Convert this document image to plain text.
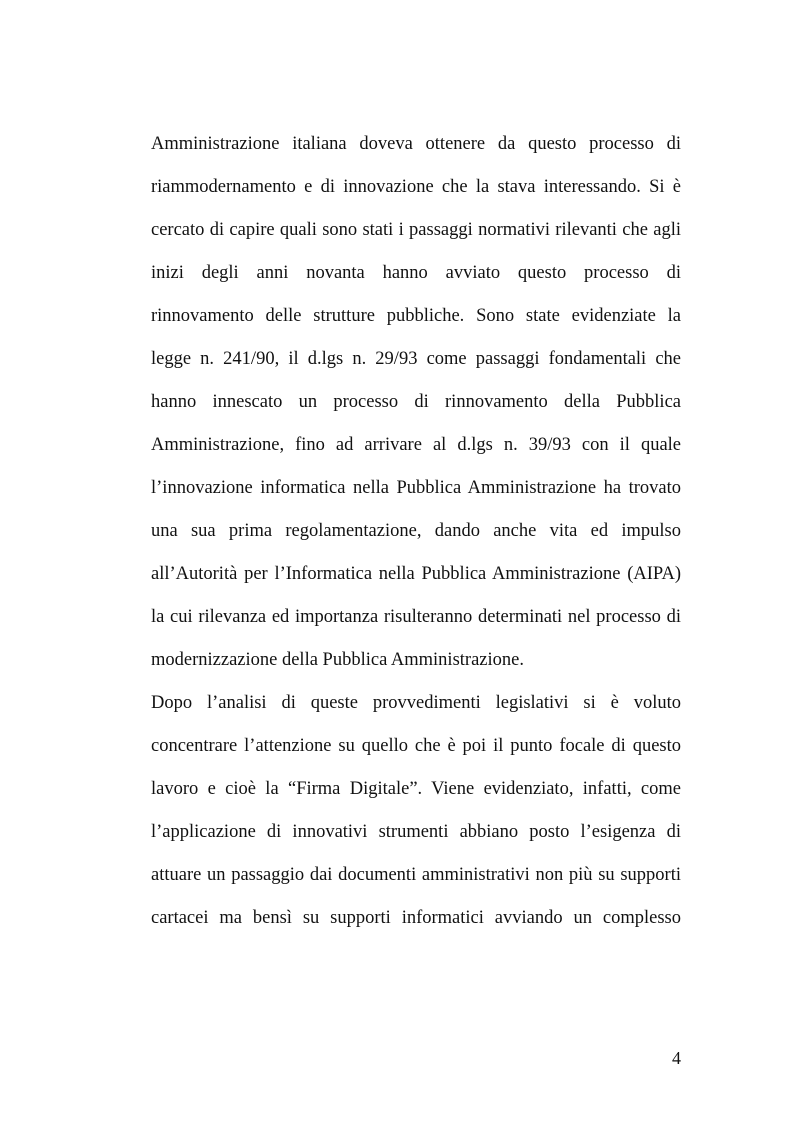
Amministrazione italiana doveva ottenere da questo processo di
riammodernamento e di innovazione che la stava interessando. Si è
cercato di capire quali sono stati i passaggi normativi rilevanti che agli
inizi degli anni novanta hanno avviato questo processo di
rinnovamento delle strutture pubbliche. Sono state evidenziate la
legge n. 241/90, il d.lgs n. 29/93 come passaggi fondamentali che
hanno innescato un processo di rinnovamento della Pubblica
Amministrazione, fino ad arrivare al d.lgs n. 39/93 con il quale
l’innovazione informatica nella Pubblica Amministrazione ha trovato
una sua prima regolamentazione, dando anche vita ed impulso
all’Autorità per l’Informatica nella Pubblica Amministrazione (AIPA)
la cui rilevanza ed importanza risulteranno determinati nel processo di
modernizzazione della Pubblica Amministrazione.
Dopo l’analisi di queste provvedimenti legislativi si è voluto
concentrare l’attenzione su quello che è poi il punto focale di questo
lavoro e cioè la “Firma Digitale”. Viene evidenziato, infatti, come
l’applicazione di innovativi strumenti abbiano posto l’esigenza di
attuare un passaggio dai documenti amministrativi non più su supporti
cartacei ma bensì su supporti informatici avviando un complesso
4
